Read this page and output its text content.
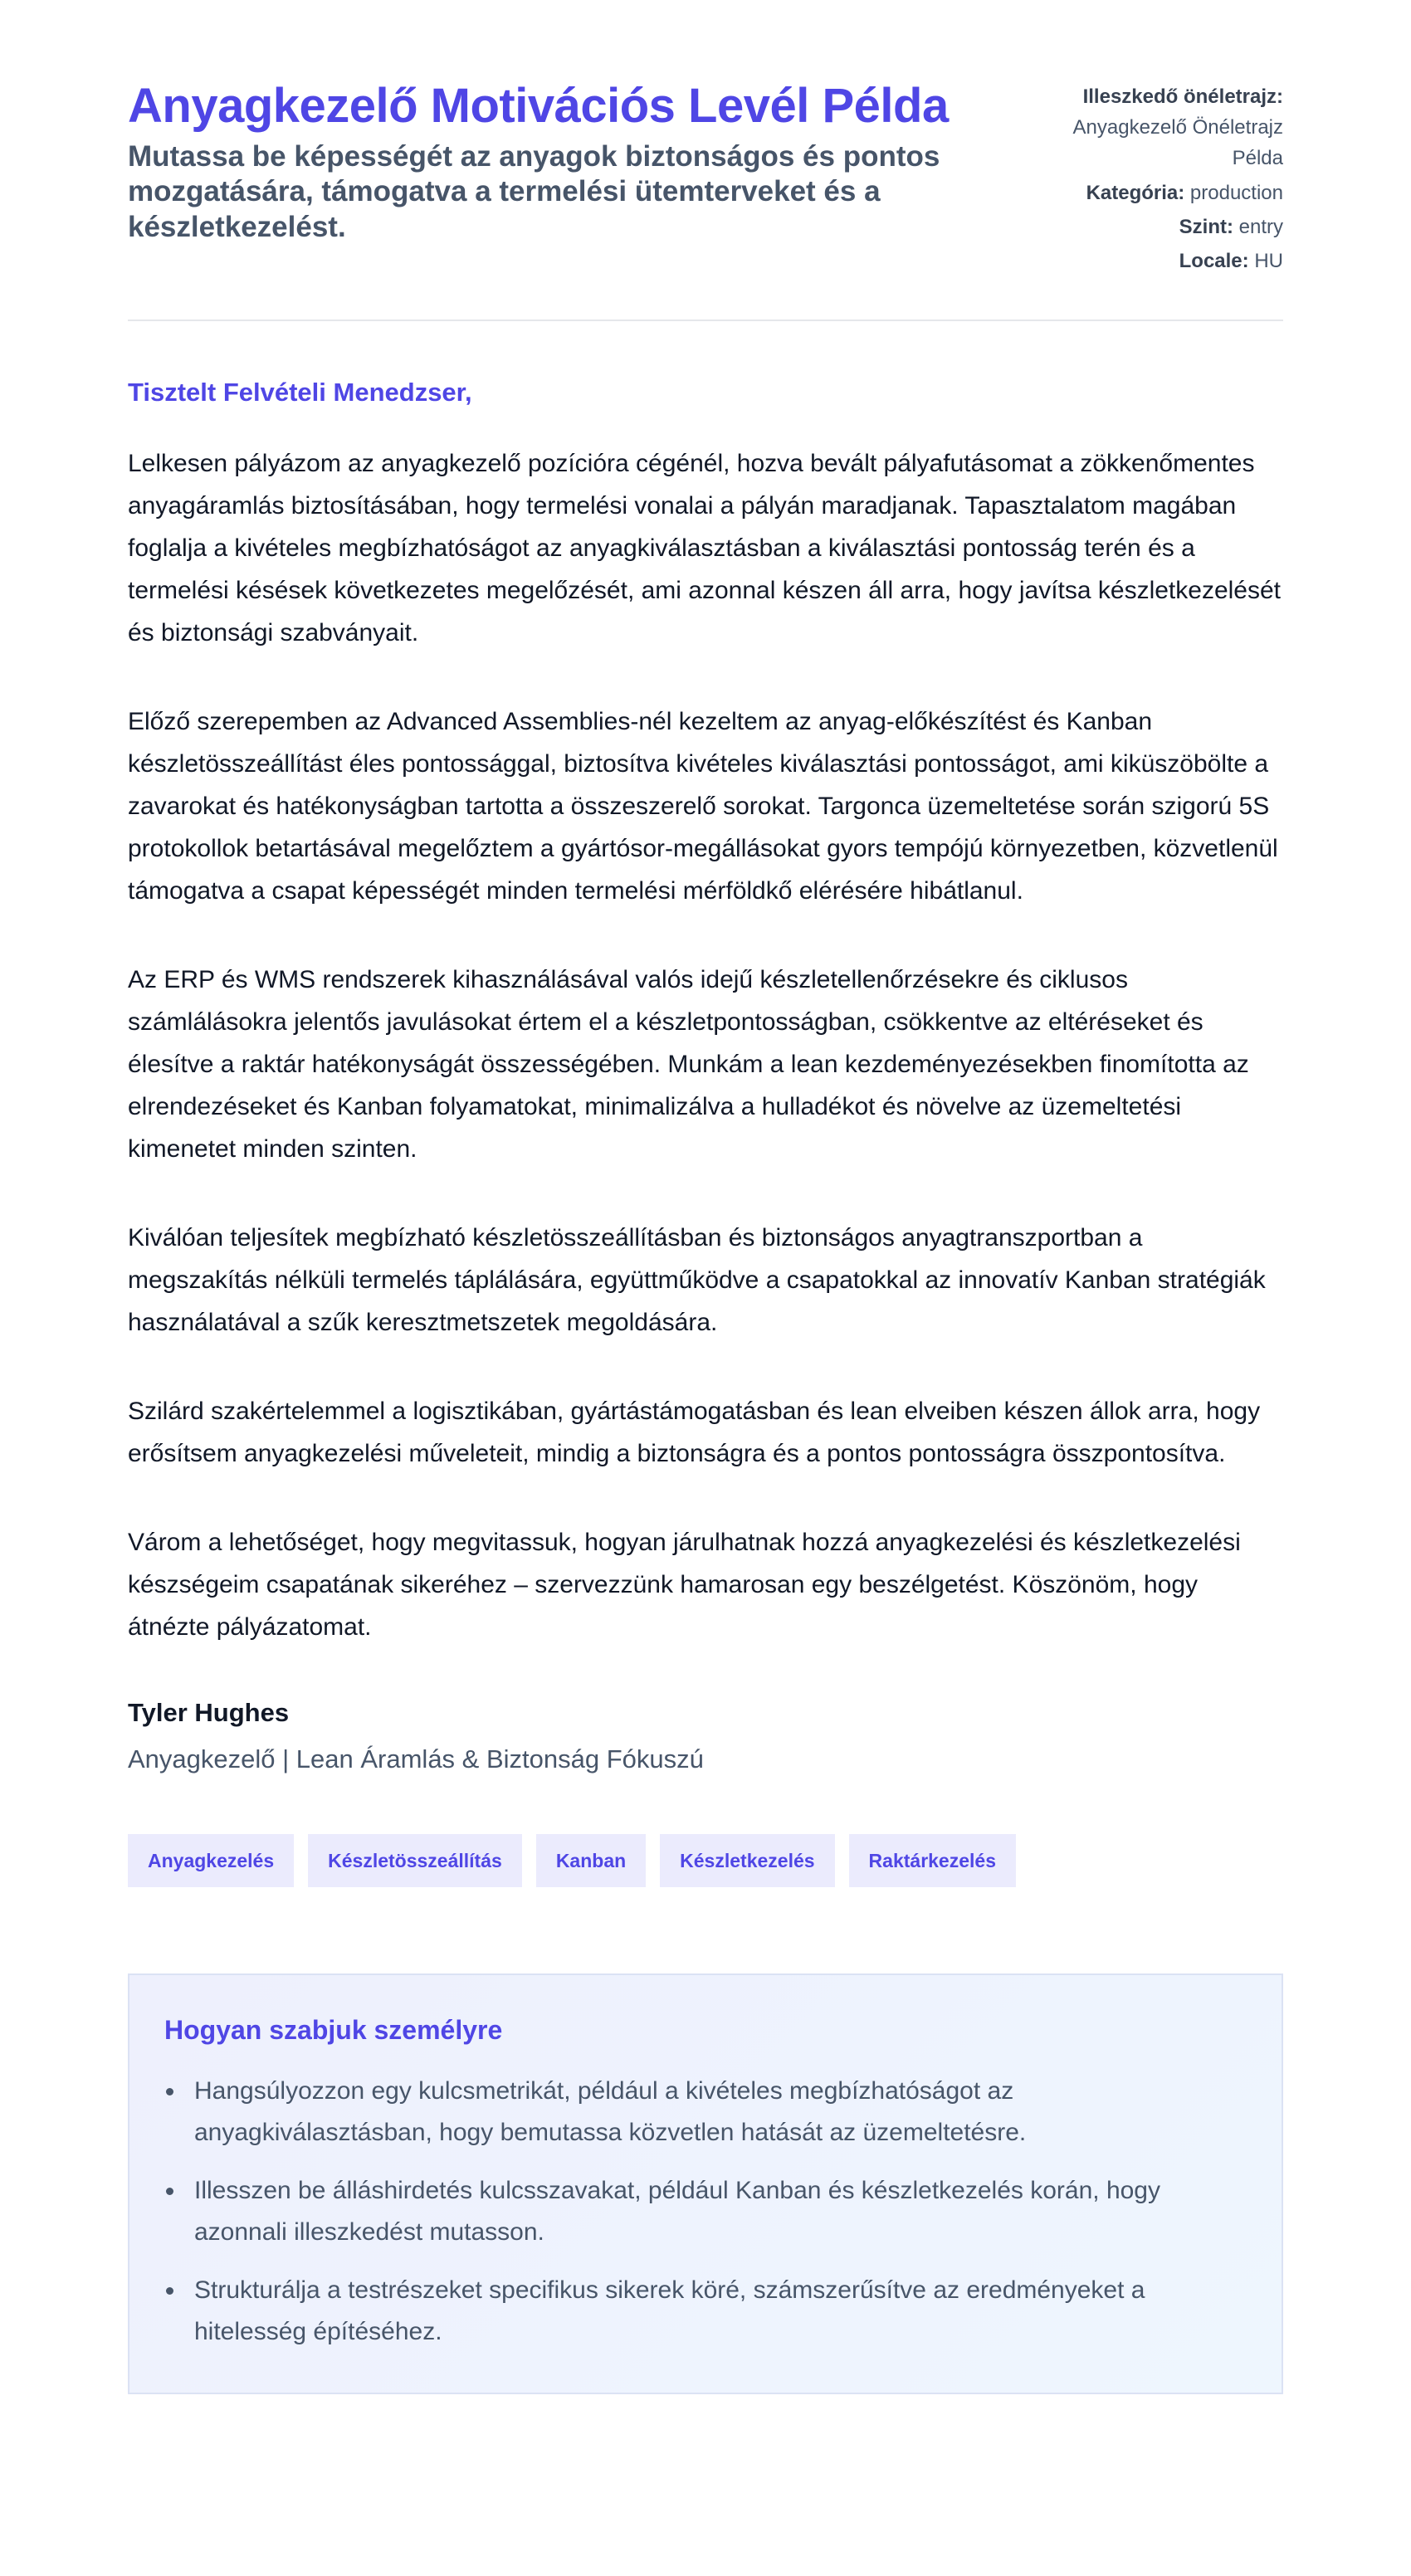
Anyagkezelő Motivációs Levél Példa
Mutassa be képességét az anyagok biztonságos és pontos mozgatására, támogatva a termelési ütemterveket és a készletkezelést.
Illeszkedő önéletrajz:
Anyagkezelő Önéletrajz Példa
Kategória: production
Szint: entry
Locale: HU
Tisztelt Felvételi Menedzser,

Lelkesen pályázom az anyagkezelő pozícióra cégénél, hozva bevált pályafutásomat a zökkenőmentes anyagáramlás biztosításában, hogy termelési vonalai a pályán maradjanak. Tapasztalatom magában foglalja a kivételes megbízhatóságot az anyagkiválasztásban a kiválasztási pontosság terén és a termelési késések következetes megelőzését, ami azonnal készen áll arra, hogy javítsa készletkezelését és biztonsági szabványait.

Előző szerepemben az Advanced Assemblies-nél kezeltem az anyag-előkészítést és Kanban készletösszeállítást éles pontossággal, biztosítva kivételes kiválasztási pontosságot, ami kiküszöbölte a zavarokat és hatékonyságban tartotta a összeszerelő sorokat. Targonca üzemeltetése során szigorú 5S protokollok betartásával megelőztem a gyártósor-megállásokat gyors tempójú környezetben, közvetlenül támogatva a csapat képességét minden termelési mérföldkő elérésére hibátlanul.

Az ERP és WMS rendszerek kihasználásával valós idejű készletellenőrzésekre és ciklusos számlálásokra jelentős javulásokat értem el a készletpontosságban, csökkentve az eltéréseket és élesítve a raktár hatékonyságát összességében. Munkám a lean kezdeményezésekben finomította az elrendezéseket és Kanban folyamatokat, minimalizálva a hulladékot és növelve az üzemeltetési kimenetet minden szinten.

Kiválóan teljesítek megbízható készletösszeállításban és biztonságos anyagtranszportban a megszakítás nélküli termelés táplálására, együttműködve a csapatokkal az innovatív Kanban stratégiák használatával a szűk keresztmetszetek megoldására.

Szilárd szakértelemmel a logisztikában, gyártástámogatásban és lean elveiben készen állok arra, hogy erősítsem anyagkezelési műveleteit, mindig a biztonságra és a pontos pontosságra összpontosítva.

Várom a lehetőséget, hogy megvitassuk, hogyan járulhatnak hozzá anyagkezelési és készletkezelési készségeim csapatának sikeréhez – szervezzünk hamarosan egy beszélgetést. Köszönöm, hogy átnézte pályázatomat.

Tyler Hughes
Anyagkezelő | Lean Áramlás & Biztonság Fókuszú
Anyagkezelés	Készletösszeállítás	Kanban	Készletkezelés	Raktárkezelés
Hogyan szabjuk személyre
Hangsúlyozzon egy kulcsmetrikát, például a kivételes megbízhatóságot az anyagkiválasztásban, hogy bemutassa közvetlen hatását az üzemeltetésre.
Illesszen be álláshirdetés kulcsszavakat, például Kanban és készletkezelés korán, hogy azonnali illeszkedést mutasson.
Strukturálja a testrészeket specifikus sikerek köré, számszerűsítve az eredményeket a hitelesség építéséhez.
